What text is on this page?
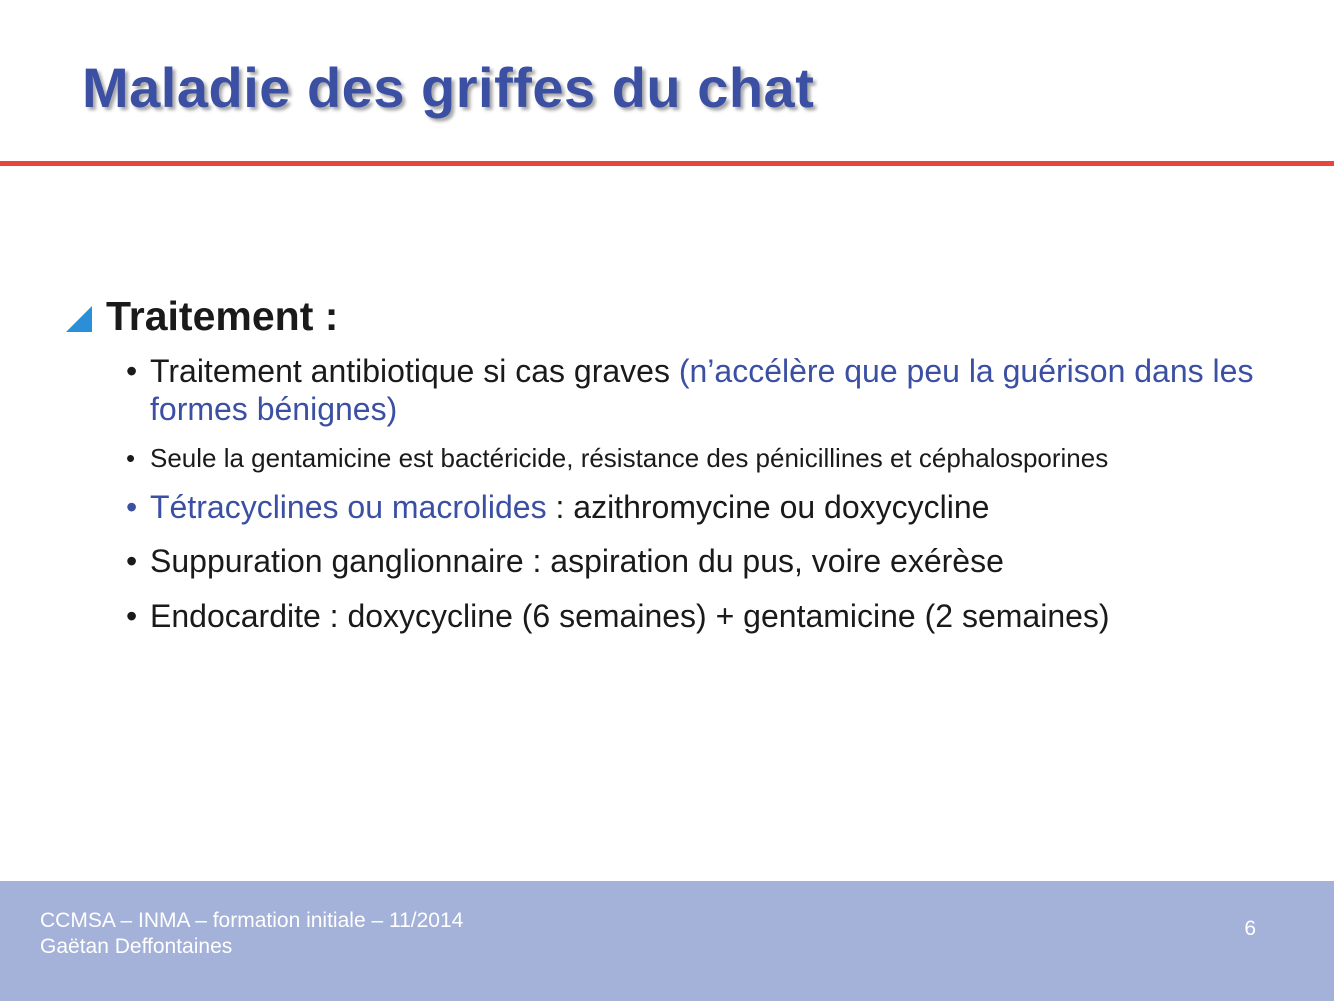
Maladie des griffes du chat
Traitement :
• Traitement antibiotique si cas graves (n’accélère que peu la guérison dans les formes bénignes)
• Seule la gentamicine est bactéricide, résistance des pénicillines et céphalosporines
• Tétracyclines ou macrolides : azithromycine ou doxycycline
• Suppuration ganglionnaire : aspiration du pus, voire exérèse
• Endocardite : doxycycline (6 semaines) + gentamicine (2 semaines)
CCMSA – INMA – formation initiale – 11/2014
Gaëtan Deffontaines
6
